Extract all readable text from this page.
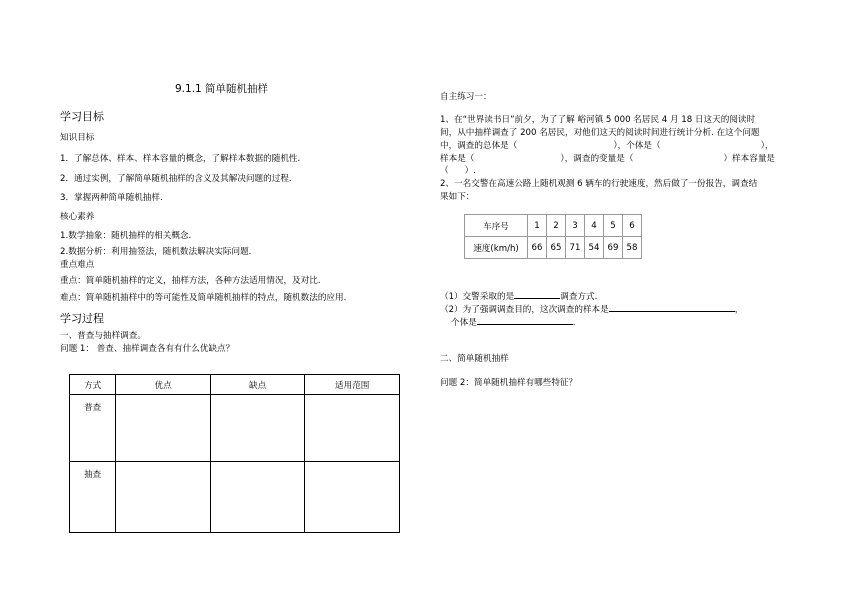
9.1.1 简单随机抽样
学习目标
知识目标
1．了解总体、样本、样本容量的概念，了解样本数据的随机性.
2．通过实例，了解简单随机抽样的含义及其解决问题的过程.
3．掌握两种简单随机抽样.
核心素养
1.数学抽象：随机抽样的相关概念.
2.数据分析：利用抽签法，随机数法解决实际问题.
重点难点
重点：简单随机抽样的定义，抽样方法，各种方法适用情况，及对比.
难点：简单随机抽样中的等可能性及简单随机抽样的特点，随机数法的应用.
学习过程
一、普查与抽样调查。
问题 1： 普查、抽样调查各有有什么优缺点？
方式	优点	缺点	适用范围
普查			
抽查			
自主练习一：
1、在“世界读书日”前夕，为了了解 峪河镇 5 000 名居民 4 月 18 日这天的阅读时
间，从中抽样调查了 200 名居民，对他们这天的阅读时间进行统计分析. 在这个问题
中，调查的总体是（	），个体是（	），
样本是（	），调查的变量是（	）样本容量是
（ ）.
2、一名交警在高速公路上随机观测 6 辆车的行驶速度，然后做了一份报告，调查结
果如下：
车序号	1	2	3	4	5	6
速度(km/h)	66	65	71	54	69	58
（1）交警采取的是	调查方式.
（2）为了强调调查目的，这次调查的样本是	，
个体是	.
二、简单随机抽样
问题 2：简单随机抽样有哪些特征？
